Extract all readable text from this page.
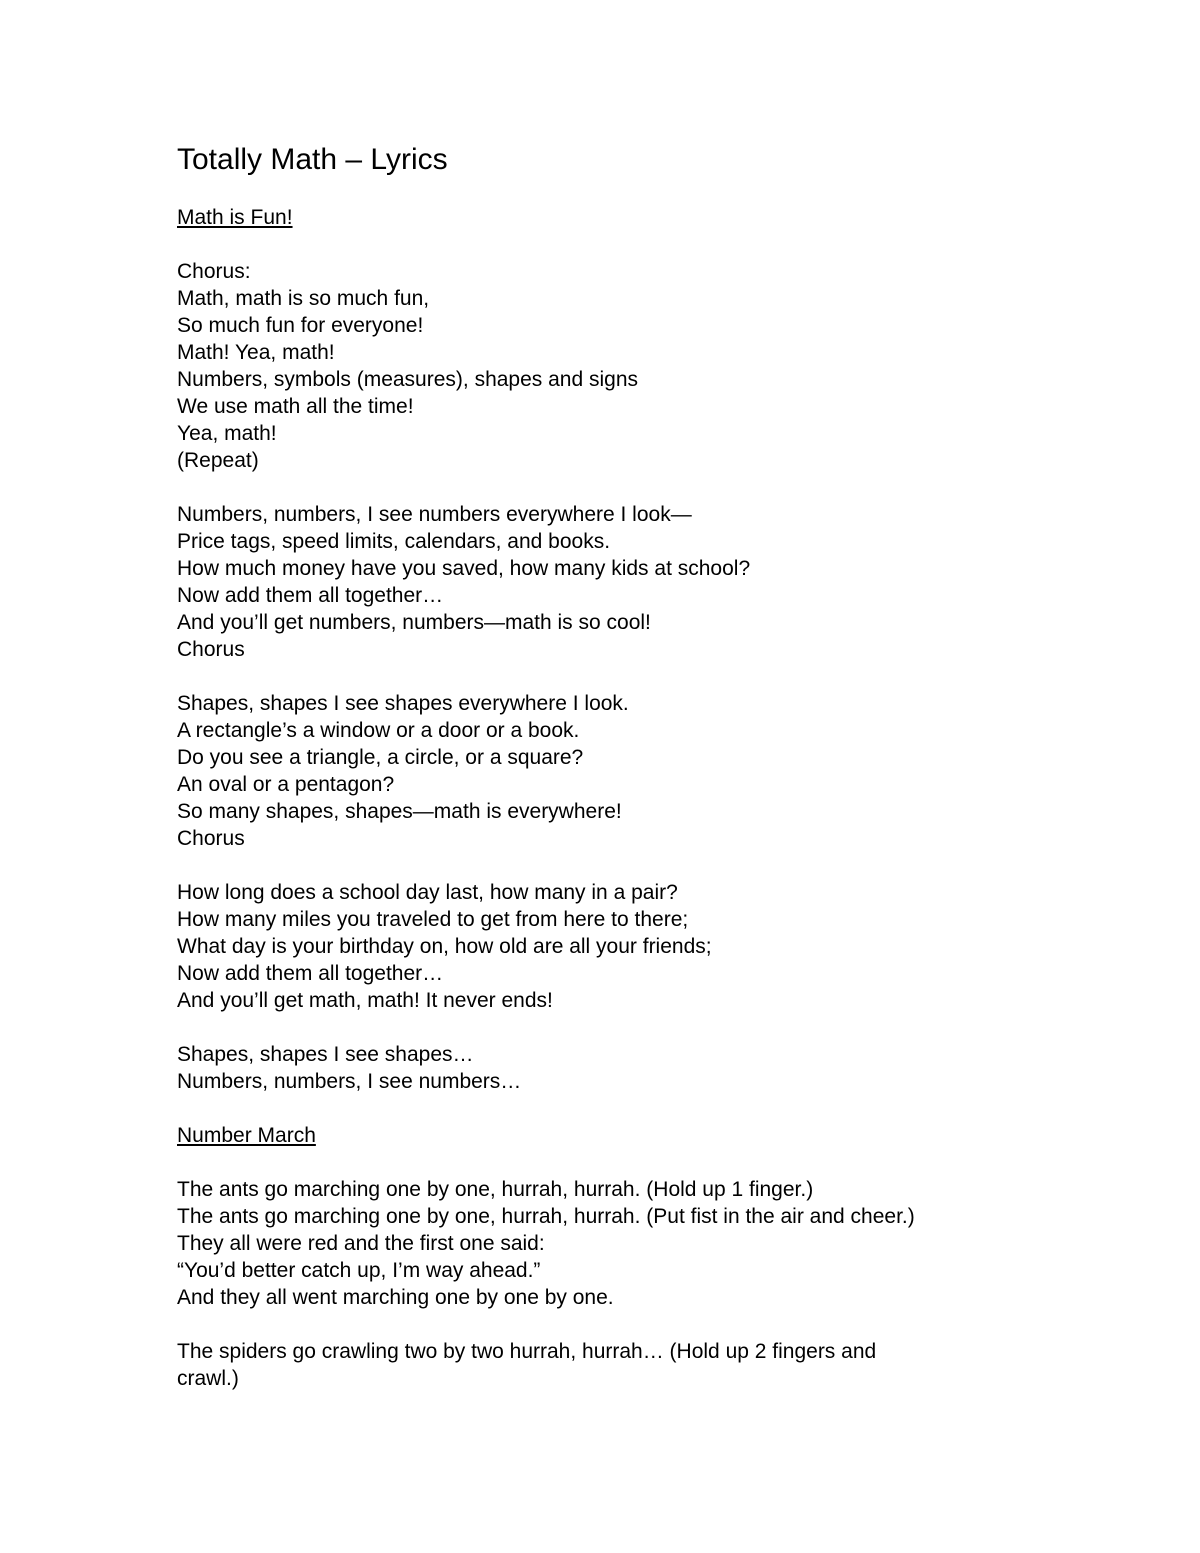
Totally Math – Lyrics
Math is Fun!
Chorus:
Math, math is so much fun,
So much fun for everyone!
Math! Yea, math!
Numbers, symbols (measures), shapes and signs
We use math all the time!
Yea, math!
(Repeat)
Numbers, numbers, I see numbers everywhere I look—
Price tags, speed limits, calendars, and books.
How much money have you saved, how many kids at school?
Now add them all together…
And you’ll get numbers, numbers—math is so cool!
Chorus
Shapes, shapes I see shapes everywhere I look.
A rectangle’s a window or a door or a book.
Do you see a triangle, a circle, or a square?
An oval or a pentagon?
So many shapes, shapes—math is everywhere!
Chorus
How long does a school day last, how many in a pair?
How many miles you traveled to get from here to there;
What day is your birthday on, how old are all your friends;
Now add them all together…
And you’ll get math, math! It never ends!
Shapes, shapes I see shapes…
Numbers, numbers, I see numbers…
Number March
The ants go marching one by one, hurrah, hurrah. (Hold up 1 finger.)
The ants go marching one by one, hurrah, hurrah. (Put fist in the air and cheer.)
They all were red and the first one said:
“You’d better catch up, I’m way ahead.”
And they all went marching one by one by one.
The spiders go crawling two by two hurrah, hurrah… (Hold up 2 fingers and
crawl.)
